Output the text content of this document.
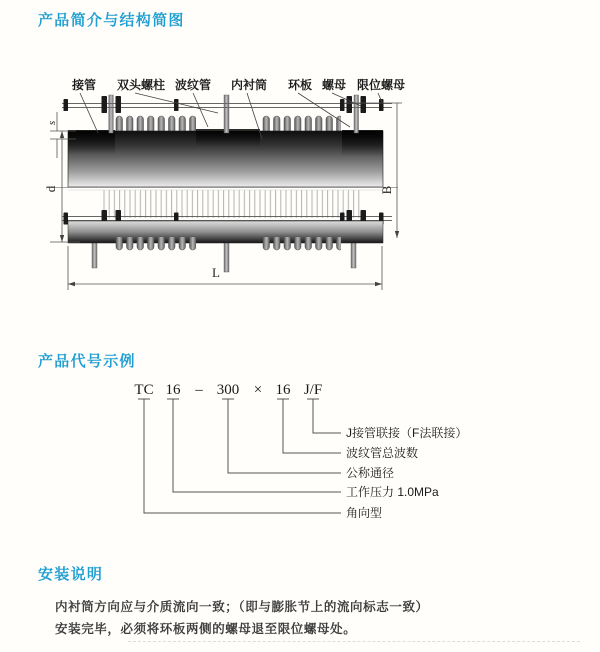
产品简介与结构简图
产品代号示例
安装说明
内衬筒方向应与介质流向一致；（即与膨胀节上的流向标志一致）
安装完毕，必须将环板两侧的螺母退至限位螺母处。
接管 双头螺柱 波纹管 内衬筒 环板 螺母 限位螺母
s
d	B
L
TC 16 – 300 × 16 J/F
J接管联接（F法联接）
波纹管总波数
公称通径
工作压力 1.0MPa
角向型
